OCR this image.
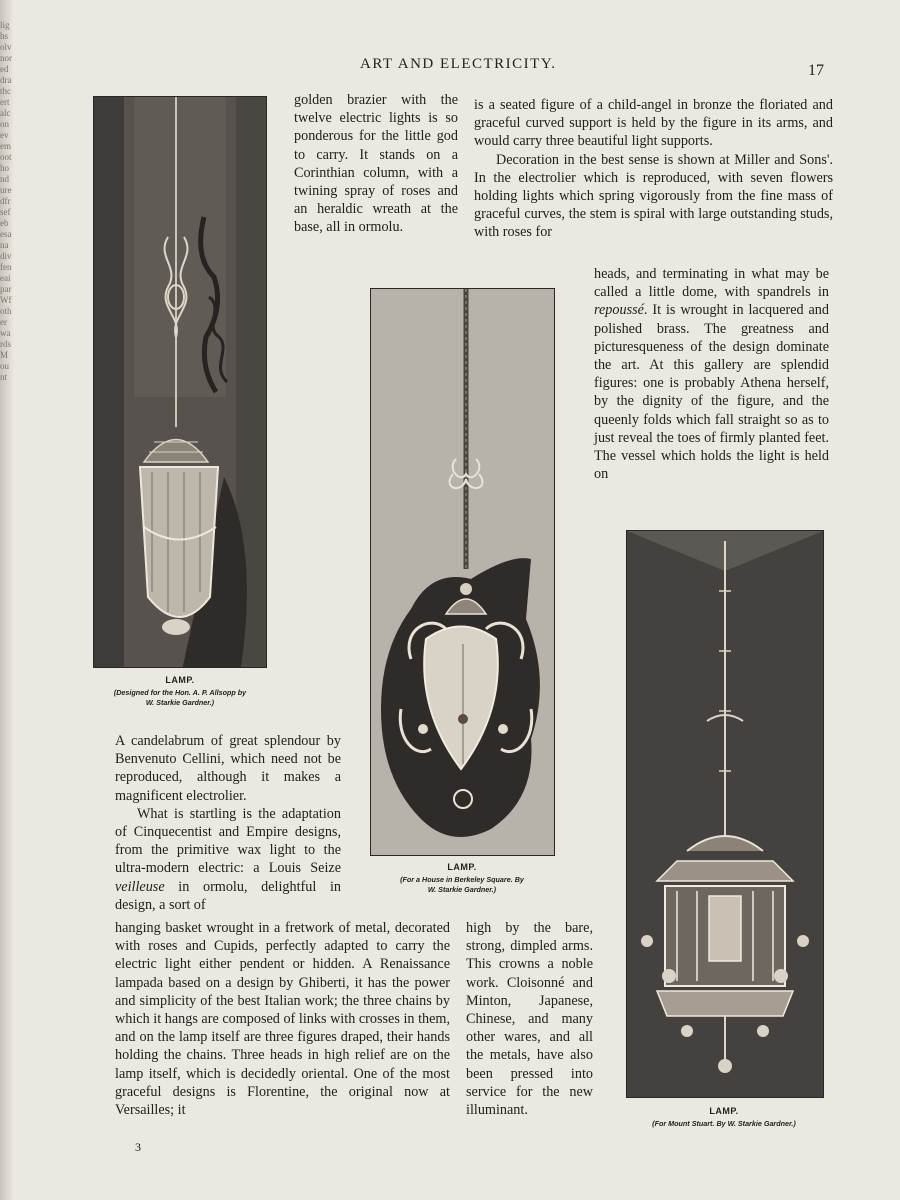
lighsolvnoreddrathcertalconevemoothonduredfrsefebesanadivfeneaiparWfotherwardsMount
ART AND ELECTRICITY.	17
LAMP.
(Designed for the Hon. A. P. Allsopp by
W. Starkie Gardner.)
LAMP.
(For a House in Berkeley Square. By
W. Starkie Gardner.)
LAMP.
(For Mount Stuart. By W. Starkie Gardner.)

golden brazier with the twelve electric lights is so ponderous for the little god to carry. It stands on a Corinthian column, with a twining spray of roses and an heraldic wreath at the base, all in ormolu.

is a seated figure of a child-angel in bronze the floriated and graceful curved support is held by the figure in its arms, and would carry three beautiful light supports.

Decoration in the best sense is shown at Miller and Sons'. In the electrolier which is reproduced, with seven flowers holding lights which spring vigorously from the fine mass of graceful curves, the stem is spiral with large outstanding studs, with roses for

heads, and terminating in what may be called a little dome, with spandrels in repoussé. It is wrought in lacquered and polished brass. The greatness and picturesqueness of the design dominate the art. At this gallery are splendid figures: one is probably Athena herself, by the dignity of the figure, and the queenly folds which fall straight so as to just reveal the toes of firmly planted feet. The vessel which holds the light is held on

A candelabrum of great splendour by Benvenuto Cellini, which need not be reproduced, although it makes a magnificent electrolier.

What is startling is the adaptation of Cinquecentist and Empire designs, from the primitive wax light to the ultra-modern electric: a Louis Seize veilleuse in ormolu, delightful in design, a sort of

hanging basket wrought in a fretwork of metal, decorated with roses and Cupids, perfectly adapted to carry the electric light either pendent or hidden. A Renaissance lampada based on a design by Ghiberti, it has the power and simplicity of the best Italian work; the three chains by which it hangs are composed of links with crosses in them, and on the lamp itself are three figures draped, their hands holding the chains. Three heads in high relief are on the lamp itself, which is decidedly oriental. One of the most graceful designs is Florentine, the original now at Versailles; it

high by the bare, strong, dimpled arms. This crowns a noble work. Cloisonné and Minton, Japanese, Chinese, and many other wares, and all the metals, have also been pressed into service for the new illuminant.

3
